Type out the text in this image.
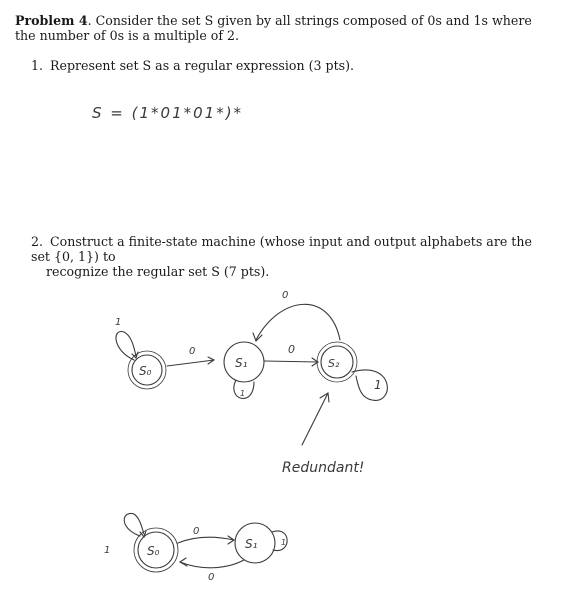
Problem 4. Consider the set S given by all strings composed of 0s and 1s where the number of 0s is a multiple of 2.
1. Represent set S as a regular expression (3 pts).
2. Construct a finite-state machine (whose input and output alphabets are the set {0, 1}) to
recognize the regular set S (7 pts).
S = (1*01*01*)*
S₀
1
0
S₁
1
0
S₂
0
1
Redundant!
S₀
1
0
S₁	1
0
